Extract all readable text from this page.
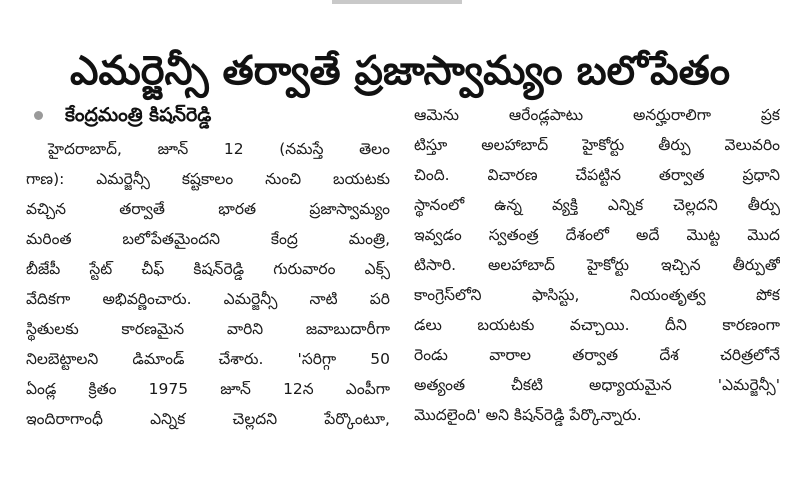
ఎమర్జెన్సీ తర్వాతే ప్రజాస్వామ్యం బలోపేతం
కేంద్రమంత్రి కిషన్‌రెడ్డి
హైదరాబాద్, జూన్ 12 (నమస్తే తెలం
గాణ): ఎమర్జెన్సీ కష్టకాలం నుంచి బయటకు
వచ్చిన తర్వాతే భారత ప్రజాస్వామ్యం
మరింత బలోపేతమైందని కేంద్ర మంత్రి,
బీజేపీ స్టేట్ చీఫ్ కిషన్‌రెడ్డి గురువారం ఎక్స్
వేదికగా అభివర్ణించారు. ఎమర్జెన్సీ నాటి పరి
స్థితులకు కారణమైన వారిని జవాబుదారీగా
నిలబెట్టాలని డిమాండ్ చేశారు. 'సరిగ్గా 50
ఏండ్ల క్రితం 1975 జూన్ 12న ఎంపీగా
ఇందిరాగాంధీ ఎన్నిక చెల్లదని పేర్కొంటూ,
ఆమెను ఆరేండ్లపాటు అనర్హురాలిగా ప్రక
టిస్తూ అలహాబాద్ హైకోర్టు తీర్పు వెలువరిం
చింది. విచారణ చేపట్టిన తర్వాత ప్రధాని
స్థానంలో ఉన్న వ్యక్తి ఎన్నిక చెల్లదని తీర్పు
ఇవ్వడం స్వతంత్ర దేశంలో అదే మొట్ట మొద
టిసారి. అలహాబాద్ హైకోర్టు ఇచ్చిన తీర్పుతో
కాంగ్రెస్‌లోని ఫాసిస్టు, నియంతృత్వ పోక
డలు బయటకు వచ్చాయి. దీని కారణంగా
రెండు వారాల తర్వాత దేశ చరిత్రలోనే
అత్యంత చీకటి అధ్యాయమైన 'ఎమర్జెన్సీ'
మొదలైంది' అని కిషన్‌రెడ్డి పేర్కొన్నారు.
